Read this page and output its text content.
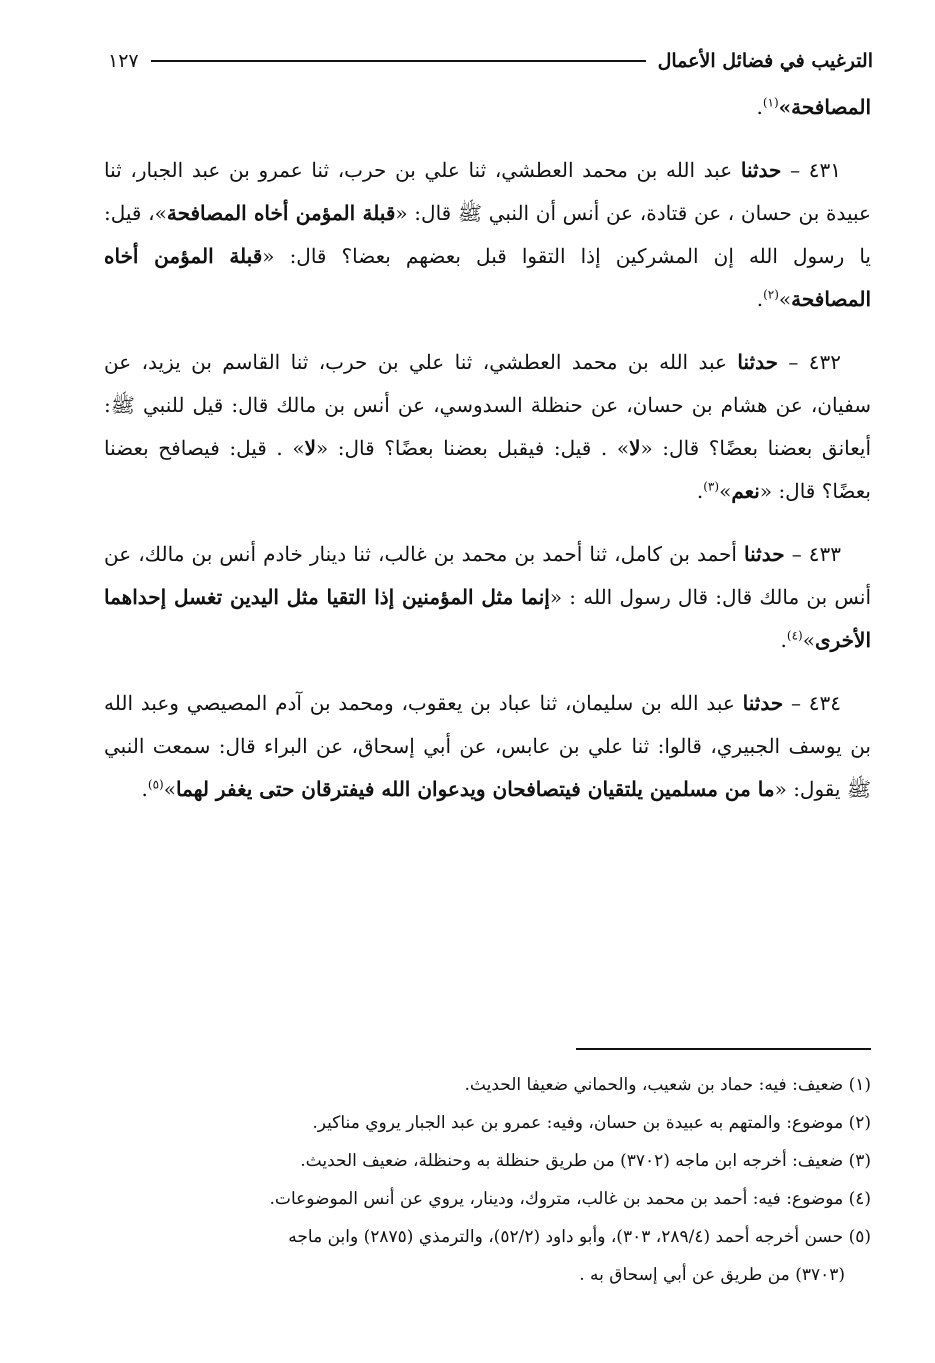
الترغيب في فضائل الأعمال
١٢٧

المصافحة»$^{(١)}$.

٤٣١ – حدثنا عبد الله بن محمد العطشي، ثنا علي بن حرب، ثنا عمرو بن عبد الجبار، ثنا عبيدة بن حسان ، عن قتادة، عن أنس أن النبي ﷺ قال: «قبلة المؤمن أخاه المصافحة»، قيل: يا رسول الله إن المشركين إذا التقوا قبل بعضهم بعضا؟ قال: «قبلة المؤمن أخاه المصافحة»$^{(٢)}$.

٤٣٢ – حدثنا عبد الله بن محمد العطشي، ثنا علي بن حرب، ثنا القاسم بن يزيد، عن سفيان، عن هشام بن حسان، عن حنظلة السدوسي، عن أنس بن مالك قال: قيل للنبي ﷺ: أيعانق بعضنا بعضًا؟ قال: «لا» . قيل: فيقبل بعضنا بعضًا؟ قال: «لا» . قيل: فيصافح بعضنا بعضًا؟ قال: «نعم»$^{(٣)}$.

٤٣٣ – حدثنا أحمد بن كامل، ثنا أحمد بن محمد بن غالب، ثنا دينار خادم أنس بن مالك، عن أنس بن مالك قال: قال رسول الله : «إنما مثل المؤمنين إذا التقيا مثل اليدين تغسل إحداهما الأخرى»$^{(٤)}$.

٤٣٤ – حدثنا عبد الله بن سليمان، ثنا عباد بن يعقوب، ومحمد بن آدم المصيصي وعبد الله بن يوسف الجبيري، قالوا: ثنا علي بن عابس، عن أبي إسحاق، عن البراء قال: سمعت النبي ﷺ يقول: «ما من مسلمين يلتقيان فيتصافحان ويدعوان الله فيفترقان حتى يغفر لهما»$^{(٥)}$.

(١) ضعيف: فيه: حماد بن شعيب، والحماني ضعيفا الحديث.

(٢) موضوع: والمتهم به عبيدة بن حسان، وفيه: عمرو بن عبد الجبار يروي مناكير.

(٣) ضعيف: أخرجه ابن ماجه (٣٧٠٢) من طريق حنظلة به وحنظلة، ضعيف الحديث.

(٤) موضوع: فيه: أحمد بن محمد بن غالب، متروك، ودينار، يروي عن أنس الموضوعات.

(٥) حسن أخرجه أحمد (٢٨٩/٤، ٣٠٣)، وأبو داود (٥٢/٢)، والترمذي (٢٨٧٥) وابن ماجه

(٣٧٠٣) من طريق عن أبي إسحاق به .
